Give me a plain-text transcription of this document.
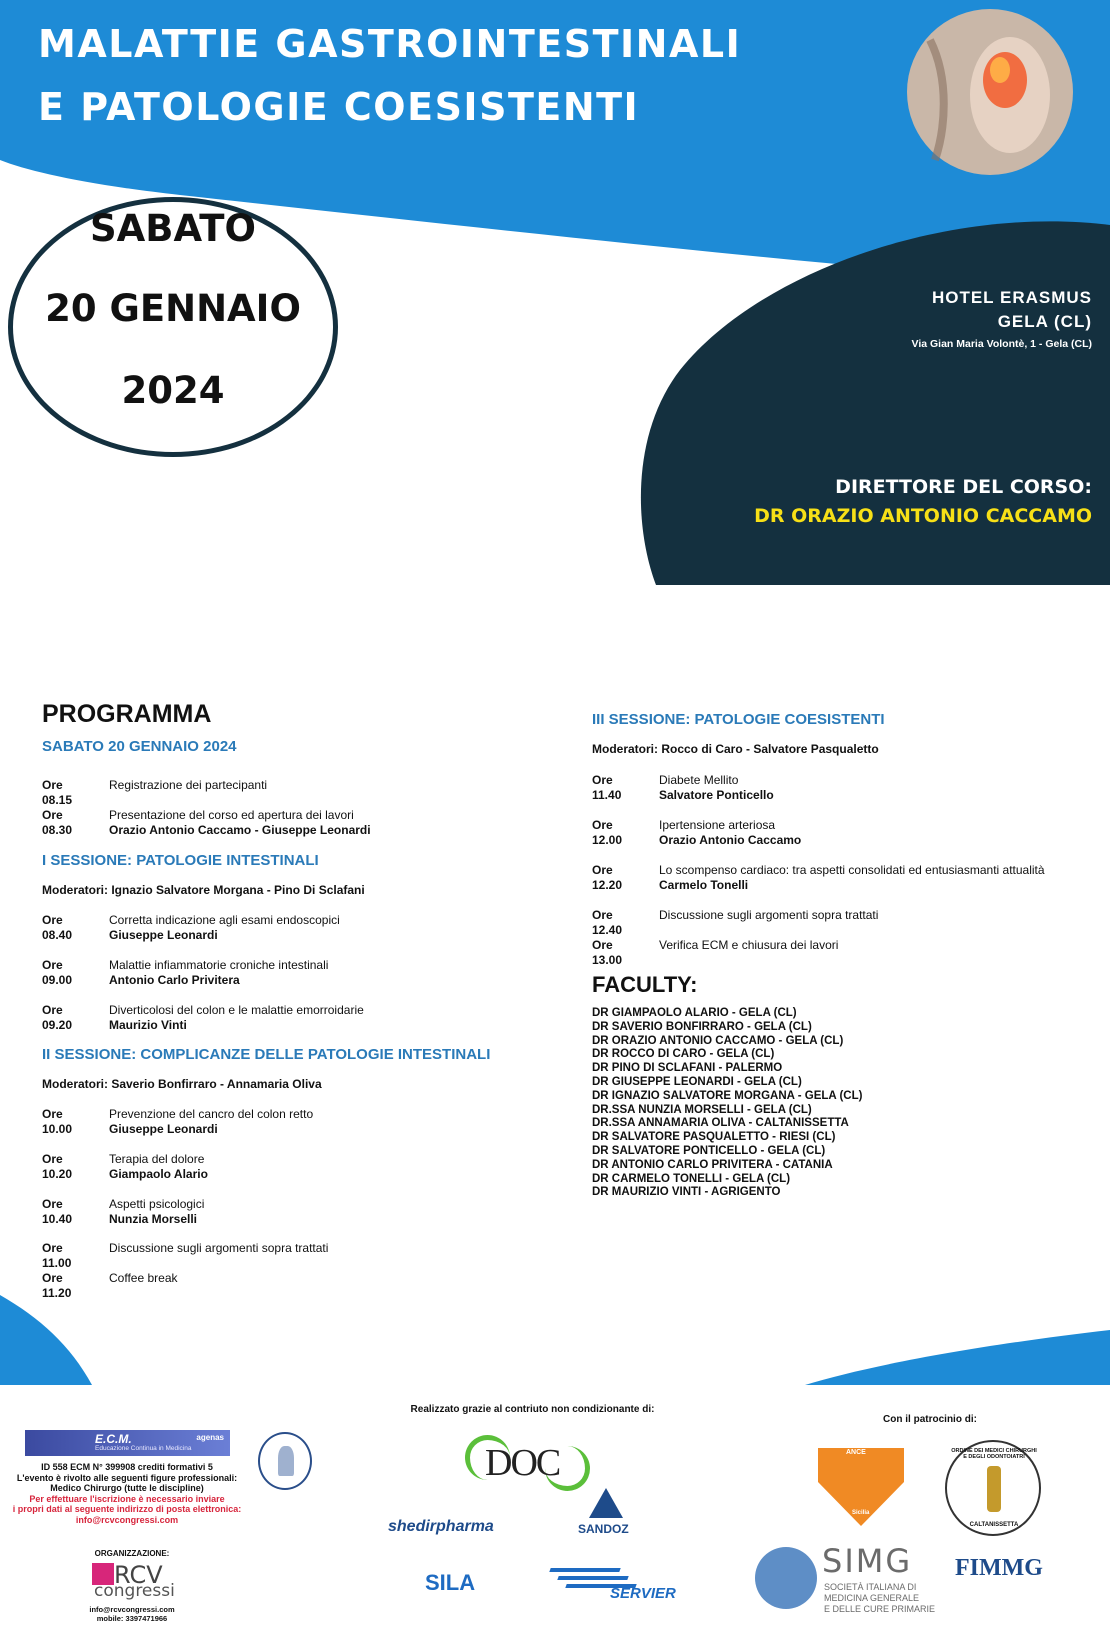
MALATTIE GASTROINTESTINALI
E PATOLOGIE COESISTENTI
SABATO
20 GENNAIO
2024
HOTEL ERASMUS
GELA (CL)
Via Gian Maria Volontè, 1 - Gela (CL)
DIRETTORE DEL CORSO:
DR ORAZIO ANTONIO CACCAMO
PROGRAMMA
SABATO 20 GENNAIO 2024
Ore 08.15
Registrazione dei partecipanti
Ore 08.30
Presentazione del corso ed apertura dei lavori
Orazio Antonio Caccamo - Giuseppe Leonardi
I SESSIONE: PATOLOGIE INTESTINALI
Moderatori: Ignazio Salvatore Morgana - Pino Di Sclafani
Ore 08.40
Corretta indicazione agli esami endoscopici
Giuseppe Leonardi
Ore 09.00
Malattie infiammatorie croniche intestinali
Antonio Carlo Privitera
Ore 09.20
Diverticolosi del colon e le malattie emorroidarie
Maurizio Vinti
II SESSIONE: COMPLICANZE DELLE PATOLOGIE INTESTINALI
Moderatori: Saverio Bonfirraro - Annamaria Oliva
Ore 10.00
Prevenzione del cancro del colon retto
Giuseppe Leonardi
Ore 10.20
Terapia del dolore
Giampaolo Alario
Ore 10.40
Aspetti psicologici
Nunzia Morselli
Ore 11.00
Discussione sugli argomenti sopra trattati
Ore 11.20
Coffee break
III SESSIONE: PATOLOGIE COESISTENTI
Moderatori: Rocco di Caro - Salvatore Pasqualetto
Ore 11.40
Diabete Mellito
Salvatore Ponticello
Ore 12.00
Ipertensione arteriosa
Orazio Antonio Caccamo
Ore 12.20
Lo scompenso cardiaco: tra aspetti consolidati ed entusiasmanti attualità
Carmelo Tonelli
Ore 12.40
Discussione sugli argomenti sopra trattati
Ore 13.00
Verifica ECM e chiusura dei lavori
FACULTY:
DR GIAMPAOLO ALARIO - GELA (CL)
DR SAVERIO BONFIRRARO - GELA (CL)
DR ORAZIO ANTONIO CACCAMO - GELA (CL)
DR ROCCO DI CARO - GELA (CL)
DR PINO DI SCLAFANI - PALERMO
DR GIUSEPPE LEONARDI - GELA (CL)
DR IGNAZIO SALVATORE MORGANA - GELA (CL)
DR.SSA NUNZIA MORSELLI - GELA (CL)
DR.SSA ANNAMARIA OLIVA - CALTANISSETTA
DR SALVATORE PASQUALETTO - RIESI (CL)
DR SALVATORE PONTICELLO - GELA (CL)
DR ANTONIO CARLO PRIVITERA - CATANIA
DR CARMELO TONELLI - GELA (CL)
DR MAURIZIO VINTI - AGRIGENTO
E.C.M.
Educazione Continua in Medicina
agenas
ID 558 ECM N° 399908 crediti formativi 5
L'evento è rivolto alle seguenti figure professionali:
Medico Chirurgo (tutte le discipline)
Per effettuare l'iscrizione è necessario inviare
i propri dati al seguente indirizzo di posta elettronica:
info@rcvcongressi.com
ORGANIZZAZIONE:
RCV
congressi
info@rcvcongressi.com
mobile: 3397471966
Realizzato grazie al contriuto non condizionante di:
DOC
shedirpharma	SANDOZ
SILA	SERVIER
Con il patrocinio di:
ANCE
Sicilia
ORDINE DEI MEDICI CHIRURGHI E DEGLI ODONTOIATRI
CALTANISSETTA
SIMG
SOCIETÀ ITALIANA DI
MEDICINA GENERALE
E DELLE CURE PRIMARIE
FIMMG
